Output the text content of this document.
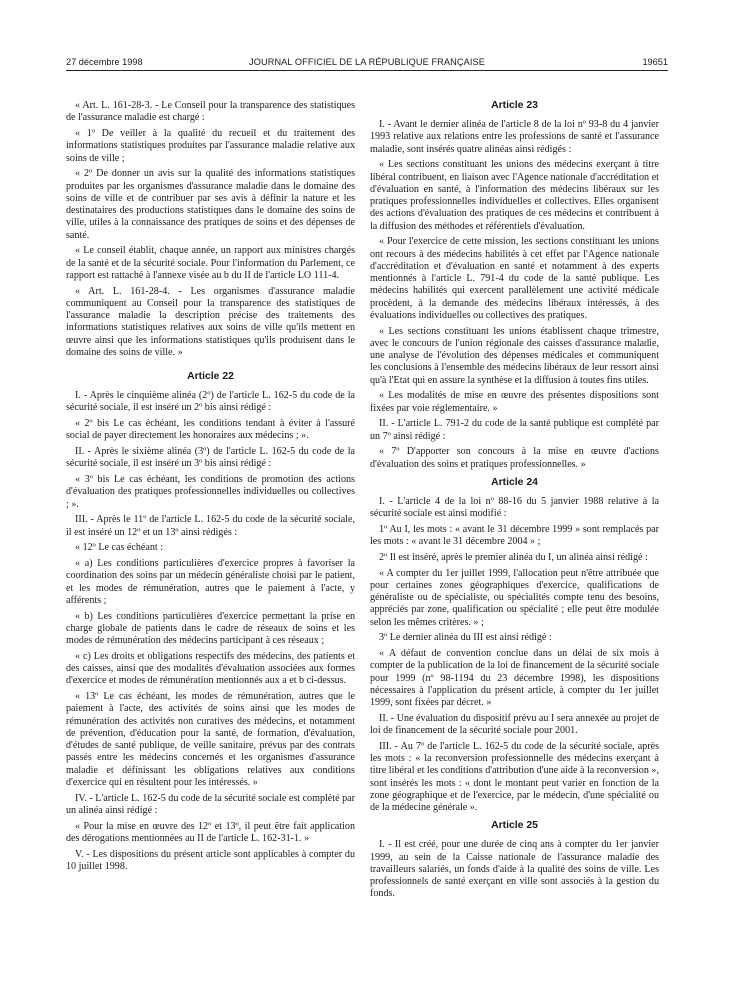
27 décembre 1998	JOURNAL OFFICIEL DE LA RÉPUBLIQUE FRANÇAISE	19651

« Art. L. 161-28-3. - Le Conseil pour la transparence des statistiques de l'assurance maladie est chargé :

« 1º De veiller à la qualité du recueil et du traitement des informations statistiques produites par l'assurance maladie relative aux soins de ville ;

« 2º De donner un avis sur la qualité des informations statistiques produites par les organismes d'assurance maladie dans le domaine des soins de ville et de contribuer par ses avis à définir la nature et les destinataires des productions statistiques dans le domaine des soins de ville, utiles à la connaissance des pratiques de soins et des dépenses de santé.

« Le conseil établit, chaque année, un rapport aux ministres chargés de la santé et de la sécurité sociale. Pour l'information du Parlement, ce rapport est rattaché à l'annexe visée au b du II de l'article LO 111-4.

« Art. L. 161-28-4. - Les organismes d'assurance maladie communiquent au Conseil pour la transparence des statistiques de l'assurance maladie la description précise des traitements des informations statistiques relatives aux soins de ville qu'ils mettent en œuvre ainsi que les informations statistiques qu'ils produisent dans le domaine des soins de ville. »

Article 22

I. - Après le cinquième alinéa (2º) de l'article L. 162-5 du code de la sécurité sociale, il est inséré un 2º bis ainsi rédigé :

« 2º bis Le cas échéant, les conditions tendant à éviter à l'assuré social de payer directement les honoraires aux médecins ; ».

II. - Après le sixième alinéa (3º) de l'article L. 162-5 du code de la sécurité sociale, il est inséré un 3º bis ainsi rédigé :

« 3º bis Le cas échéant, les conditions de promotion des actions d'évaluation des pratiques professionnelles individuelles ou collectives ; ».

III. - Après le 11º de l'article L. 162-5 du code de la sécurité sociale, il est inséré un 12º et un 13º ainsi rédigés :

« 12º Le cas échéant :

« a) Les conditions particulières d'exercice propres à favoriser la coordination des soins par un médecin généraliste choisi par le patient, et les modes de rémunération, autres que le paiement à l'acte, y afférents ;

« b) Les conditions particulières d'exercice permettant la prise en charge globale de patients dans le cadre de réseaux de soins et les modes de rémunération des médecins participant à ces réseaux ;

« c) Les droits et obligations respectifs des médecins, des patients et des caisses, ainsi que des modalités d'évaluation associées aux formes d'exercice et modes de rémunération mentionnés aux a et b ci-dessus.

« 13º Le cas échéant, les modes de rémunération, autres que le paiement à l'acte, des activités de soins ainsi que les modes de rémunération des activités non curatives des médecins, et notamment de prévention, d'éducation pour la santé, de formation, d'évaluation, d'études de santé publique, de veille sanitaire, prévus par des contrats passés entre les médecins concernés et les organismes d'assurance maladie et définissant les obligations relatives aux conditions d'exercice qui en résultent pour les intéressés. »

IV. - L'article L. 162-5 du code de la sécurité sociale est complété par un alinéa ainsi rédigé :

« Pour la mise en œuvre des 12º et 13º, il peut être fait application des dérogations mentionnées au II de l'article L. 162-31-1. »

V. - Les dispositions du présent article sont applicables à compter du 10 juillet 1998.

Article 23

I. - Avant le dernier alinéa de l'article 8 de la loi nº 93-8 du 4 janvier 1993 relative aux relations entre les professions de santé et l'assurance maladie, sont insérés quatre alinéas ainsi rédigés :

« Les sections constituant les unions des médecins exerçant à titre libéral contribuent, en liaison avec l'Agence nationale d'accréditation et d'évaluation en santé, à l'information des médecins libéraux sur les pratiques professionnelles individuelles et collectives. Elles organisent des actions d'évaluation des pratiques de ces médecins et contribuent à la diffusion des méthodes et référentiels d'évaluation.

« Pour l'exercice de cette mission, les sections constituant les unions ont recours à des médecins habilités à cet effet par l'Agence nationale d'accréditation et d'évaluation en santé et notamment à des experts mentionnés à l'article L. 791-4 du code de la santé publique. Les médecins habilités qui exercent parallèlement une activité médicale procèdent, à la demande des médecins libéraux intéressés, à des évaluations individuelles ou collectives des pratiques.

« Les sections constituant les unions établissent chaque trimestre, avec le concours de l'union régionale des caisses d'assurance maladie, une analyse de l'évolution des dépenses médicales et communiquent les conclusions à l'ensemble des médecins libéraux de leur ressort ainsi qu'à l'Etat qui en assure la synthèse et la diffusion à toutes fins utiles.

« Les modalités de mise en œuvre des présentes dispositions sont fixées par voie réglementaire. »

II. - L'article L. 791-2 du code de la santé publique est complété par un 7º ainsi rédigé :

« 7º D'apporter son concours à la mise en œuvre d'actions d'évaluation des soins et pratiques professionnelles. »

Article 24

I. - L'article 4 de la loi nº 88-16 du 5 janvier 1988 relative à la sécurité sociale est ainsi modifié :

1º Au I, les mots : « avant le 31 décembre 1999 » sont remplacés par les mots : « avant le 31 décembre 2004 » ;

2º Il est inséré, après le premier alinéa du I, un alinéa ainsi rédigé :

« A compter du 1er juillet 1999, l'allocation peut n'être attribuée que pour certaines zones géographiques d'exercice, qualifications de généraliste ou de spécialiste, ou spécialités compte tenu des besoins, appréciés par zone, qualification ou spécialité ; elle peut être modulée selon les mêmes critères. » ;

3º Le dernier alinéa du III est ainsi rédigé :

« A défaut de convention conclue dans un délai de six mois à compter de la publication de la loi de financement de la sécurité sociale pour 1999 (nº 98-1194 du 23 décembre 1998), les dispositions nécessaires à l'application du présent article, à compter du 1er juillet 1999, sont fixées par décret. »

II. - Une évaluation du dispositif prévu au I sera annexée au projet de loi de financement de la sécurité sociale pour 2001.

III. - Au 7º de l'article L. 162-5 du code de la sécurité sociale, après les mots : « la reconversion professionnelle des médecins exerçant à titre libéral et les conditions d'attribution d'une aide à la reconversion », sont insérés les mots : « dont le montant peut varier en fonction de la zone géographique et de l'exercice, par le médecin, d'une spécialité ou de la médecine générale ».

Article 25

I. - Il est créé, pour une durée de cinq ans à compter du 1er janvier 1999, au sein de la Caisse nationale de l'assurance maladie des travailleurs salariés, un fonds d'aide à la qualité des soins de ville. Les professionnels de santé exerçant en ville sont associés à la gestion du fonds.
